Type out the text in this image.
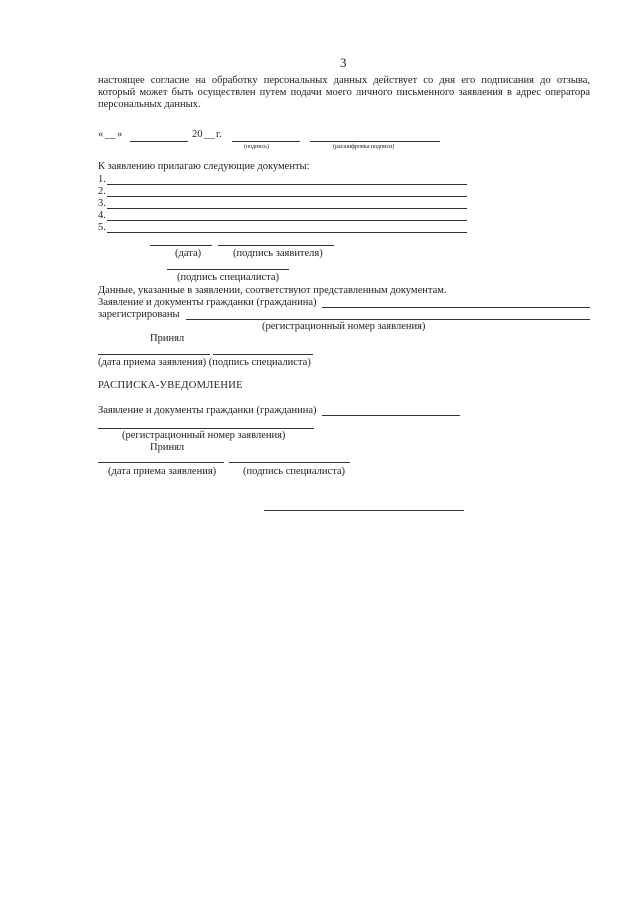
3
настоящее согласие на обработку персональных данных действует со дня его подписания до отзыва,
который может быть осуществлен путем подачи моего личного письменного заявления в адрес оператора
персональных данных.
« __ »	20 __ г.
(подпись)	(расшифровка подписи)
К заявлению прилагаю следующие документы:
1.
2.
3.
4.
5.
(дата)	(подпись заявителя)
(подпись специалиста)
Данные, указанные в заявлении, соответствуют представленным документам.
Заявление и документы гражданки (гражданина)
зарегистрированы
(регистрационный номер заявления)
Принял
(дата приема заявления) (подпись специалиста)
РАСПИСКА-УВЕДОМЛЕНИЕ
Заявление и документы гражданки (гражданина)
(регистрационный номер заявления)
Принял
(дата приема заявления)	(подпись специалиста)
